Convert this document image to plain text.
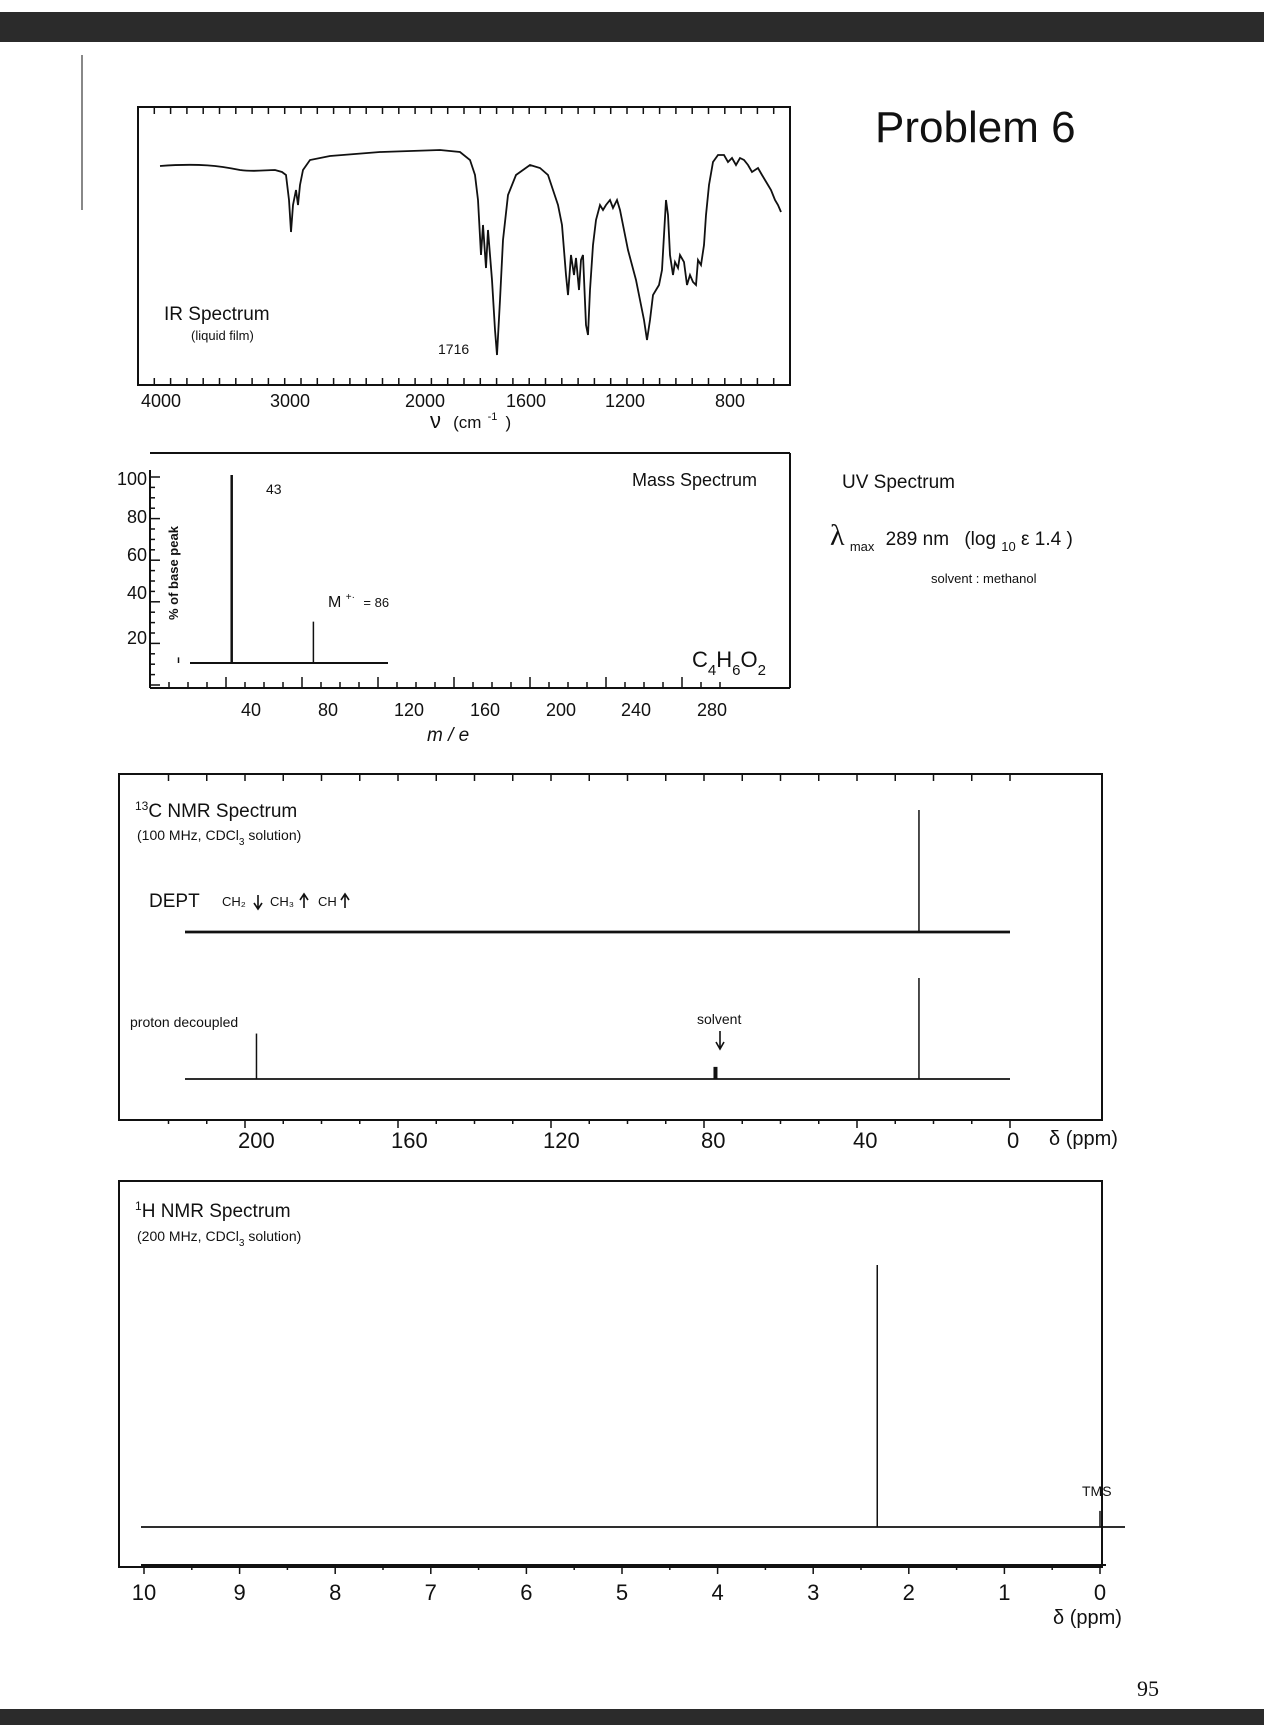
Problem 6
IR Spectrum
(liquid film)
1716
4000	3000	2000	1600	1200	800
ν (cm $^{-1}$ $_)$
100
80
60
40
20
% of base peak
43
M +· $_{= 86}$
Mass Spectrum
$C_4H_6O_2$
40	80	120	160	200 240	280
m / e
UV Spectrum
λ $_{max}$ 289 nm (log $_{10}$ ε 1.4 )
solvent : methanol
$^{13}$C NMR Spectrum
(100 MHz, CDCl$_3$ solution)
DEPT CH₂ CH₃ CH
proton decoupled	solvent
200	160	120	80	40	0 δ (ppm)
$^1$H NMR Spectrum
(200 MHz, CDCl$_3$ solution)
TMS
10	9	8	7	6	5	4	3	2	1	0
δ (ppm)
95
